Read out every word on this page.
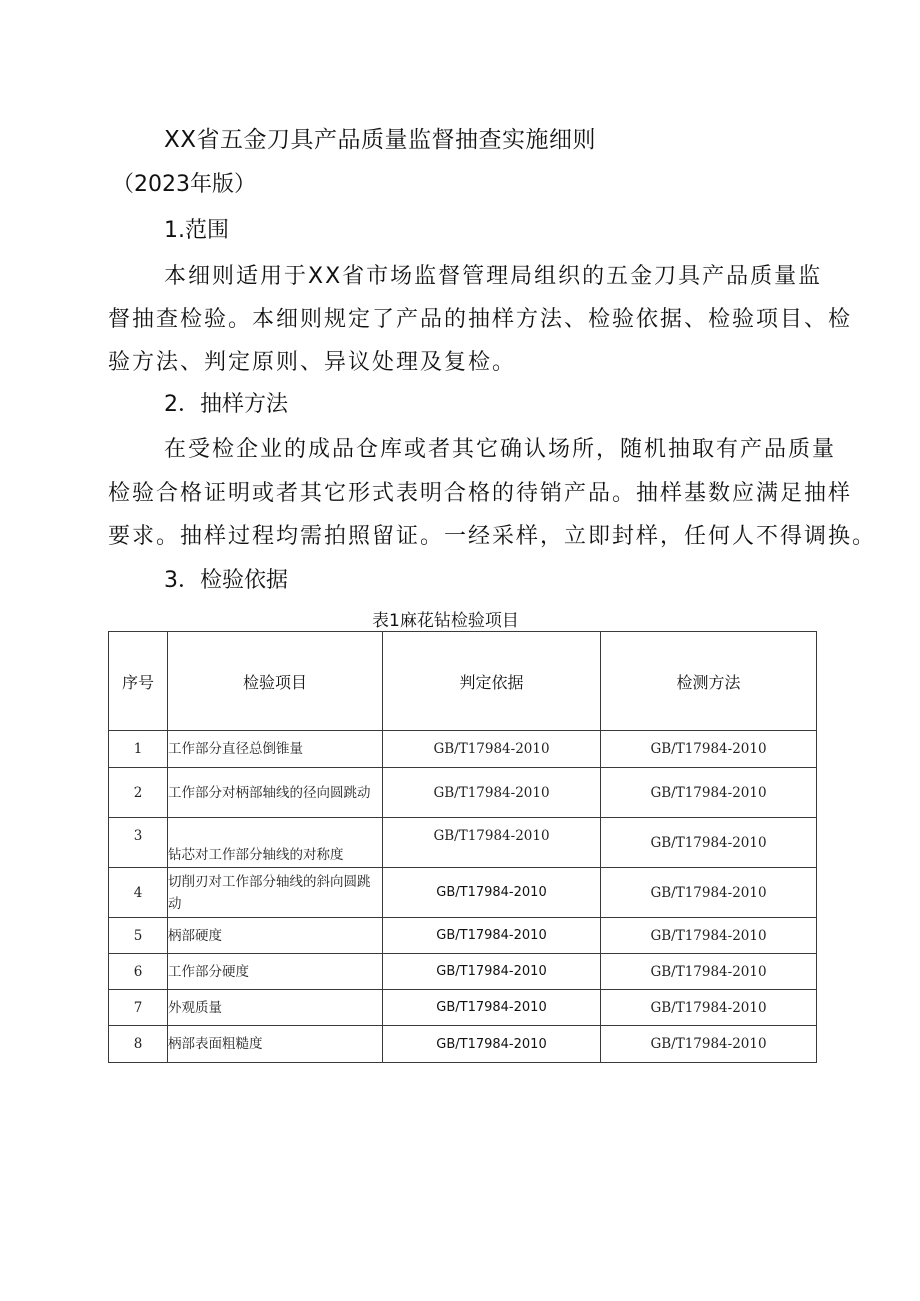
XX省五金刀具产品质量监督抽查实施细则
（2023年版）
1.范围
本细则适用于XX省市场监督管理局组织的五金刀具产品质量监
督抽查检验。本细则规定了产品的抽样方法、检验依据、检验项目、检
验方法、判定原则、异议处理及复检。
2．抽样方法
在受检企业的成品仓库或者其它确认场所，随机抽取有产品质量
检验合格证明或者其它形式表明合格的待销产品。抽样基数应满足抽样
要求。抽样过程均需拍照留证。一经采样，立即封样，任何人不得调换。
3．检验依据
表1麻花钻检验项目
序号	检验项目	判定依据	检测方法
1	工作部分直径总倒锥量	GB/T17984-2010	GB/T17984-2010
2	工作部分对柄部轴线的径向圆跳动	GB/T17984-2010	GB/T17984-2010
3	钻芯对工作部分轴线的对称度	GB/T17984-2010	GB/T17984-2010
4	切削刃对工作部分轴线的斜向圆跳动	GB/T17984-2010	GB/T17984-2010
5	柄部硬度	GB/T17984-2010	GB/T17984-2010
6	工作部分硬度	GB/T17984-2010	GB/T17984-2010
7	外观质量	GB/T17984-2010	GB/T17984-2010
8	柄部表面粗糙度	GB/T17984-2010	GB/T17984-2010
